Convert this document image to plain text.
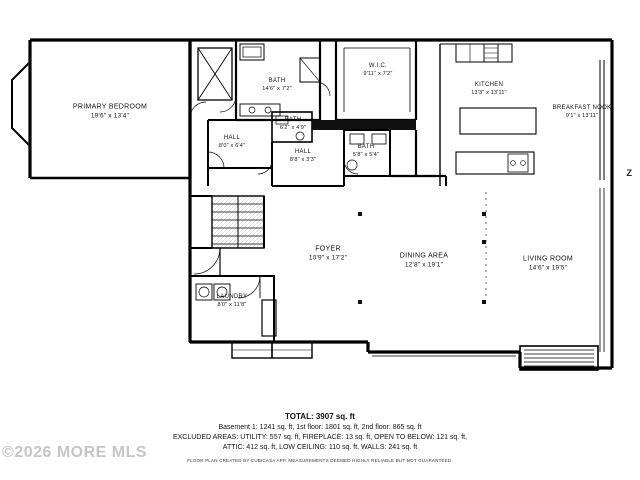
PRIMARY BEDROOM
19'6" x 13'4"
BATH
14'6" x 7'2"
W.I.C.
9'11" x 7'2"
KITCHEN
13'3" x 13'11"
BREAKFAST NOOK
9'1" x 13'11"
HALL
8'0" x 6'4"
BATH
6'2" x 4'9"
HALL
8'8" x 3'3"
BATH
5'8" x 5'4"
FOYER
10'9" x 17'2"	DINING AREA
12'8" x 19'1"
LIVING ROOM
14'6" x 19'5"
LAUNDRY
8'0" x 11'8"
Z
TOTAL: 3907 sq. ft
Basement 1: 1241 sq. ft, 1st floor: 1801 sq. ft, 2nd floor: 865 sq. ft
EXCLUDED AREAS: UTILITY: 557 sq. ft, FIREPLACE: 13 sq. ft, OPEN TO BELOW: 121 sq. ft,
ATTIC: 412 sq. ft, LOW CEILING: 110 sq. ft, WALLS: 241 sq. ft
FLOOR PLAN CREATED BY CUBICASA APP. MEASUREMENTS DEEMED HIGHLY RELIABLE BUT NOT GUARANTEED.
©2026 MORE MLS
